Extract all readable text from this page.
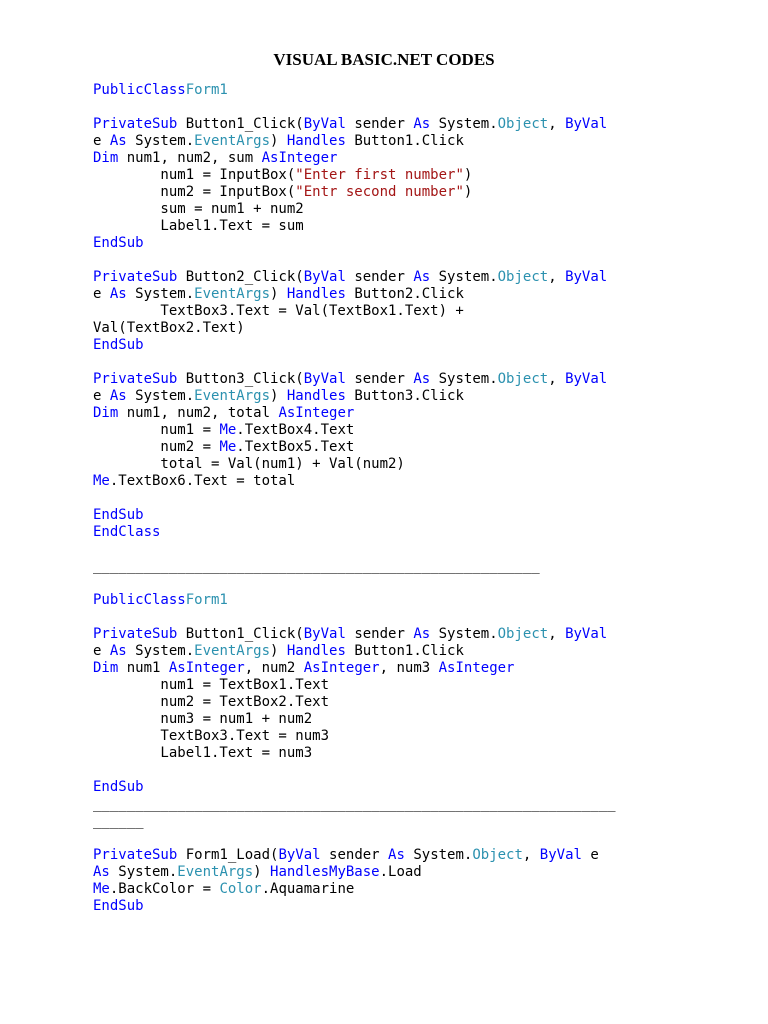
VISUAL BASIC.NET CODES
PublicClassForm1
PrivateSub Button1_Click(ByVal sender As System.Object, ByVal
e As System.EventArgs) Handles Button1.Click
Dim num1, num2, sum AsInteger
num1 = InputBox("Enter first number")
num2 = InputBox("Entr second number")
sum = num1 + num2
Label1.Text = sum
EndSub
PrivateSub Button2_Click(ByVal sender As System.Object, ByVal
e As System.EventArgs) Handles Button2.Click
TextBox3.Text = Val(TextBox1.Text) +
Val(TextBox2.Text)
EndSub
PrivateSub Button3_Click(ByVal sender As System.Object, ByVal
e As System.EventArgs) Handles Button3.Click
Dim num1, num2, total AsInteger
num1 = Me.TextBox4.Text
num2 = Me.TextBox5.Text
total = Val(num1) + Val(num2)
Me.TextBox6.Text = total
EndSub
EndClass
_____________________________________________________
PublicClassForm1
PrivateSub Button1_Click(ByVal sender As System.Object, ByVal
e As System.EventArgs) Handles Button1.Click
Dim num1 AsInteger, num2 AsInteger, num3 AsInteger
num1 = TextBox1.Text
num2 = TextBox2.Text
num3 = num1 + num2
TextBox3.Text = num3
Label1.Text = num3
EndSub
______________________________________________________________
______
PrivateSub Form1_Load(ByVal sender As System.Object, ByVal e
As System.EventArgs) HandlesMyBase.Load
Me.BackColor = Color.Aquamarine
EndSub
